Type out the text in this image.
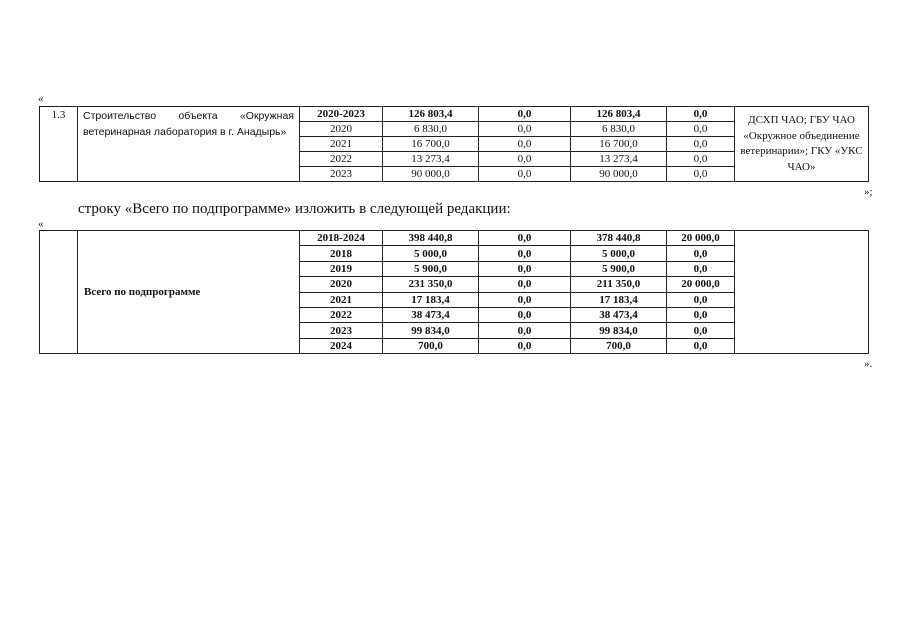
«
1.3	Строительство объекта «Окружная ветеринарная лаборатория в г. Анадырь»	2020-2023	126 803,4	0,0	126 803,4	0,0	ДСХП ЧАО; ГБУ ЧАО «Окружное объединение ветеринарии»; ГКУ «УКС ЧАО»
		2020	6 830,0	0,0	6 830,0	0,0	
		2021	16 700,0	0,0	16 700,0	0,0	
		2022	13 273,4	0,0	13 273,4	0,0	
		2023	90 000,0	0,0	90 000,0	0,0	
»;
строку «Всего по подпрограмме» изложить в следующей редакции:
«
	Всего по подпрограмме	2018-2024	398 440,8	0,0	378 440,8	20 000,0	
		2018	5 000,0	0,0	5 000,0	0,0	
		2019	5 900,0	0,0	5 900,0	0,0	
		2020	231 350,0	0,0	211 350,0	20 000,0	
		2021	17 183,4	0,0	17 183,4	0,0	
		2022	38 473,4	0,0	38 473,4	0,0	
		2023	99 834,0	0,0	99 834,0	0,0	
		2024	700,0	0,0	700,0	0,0	
».
